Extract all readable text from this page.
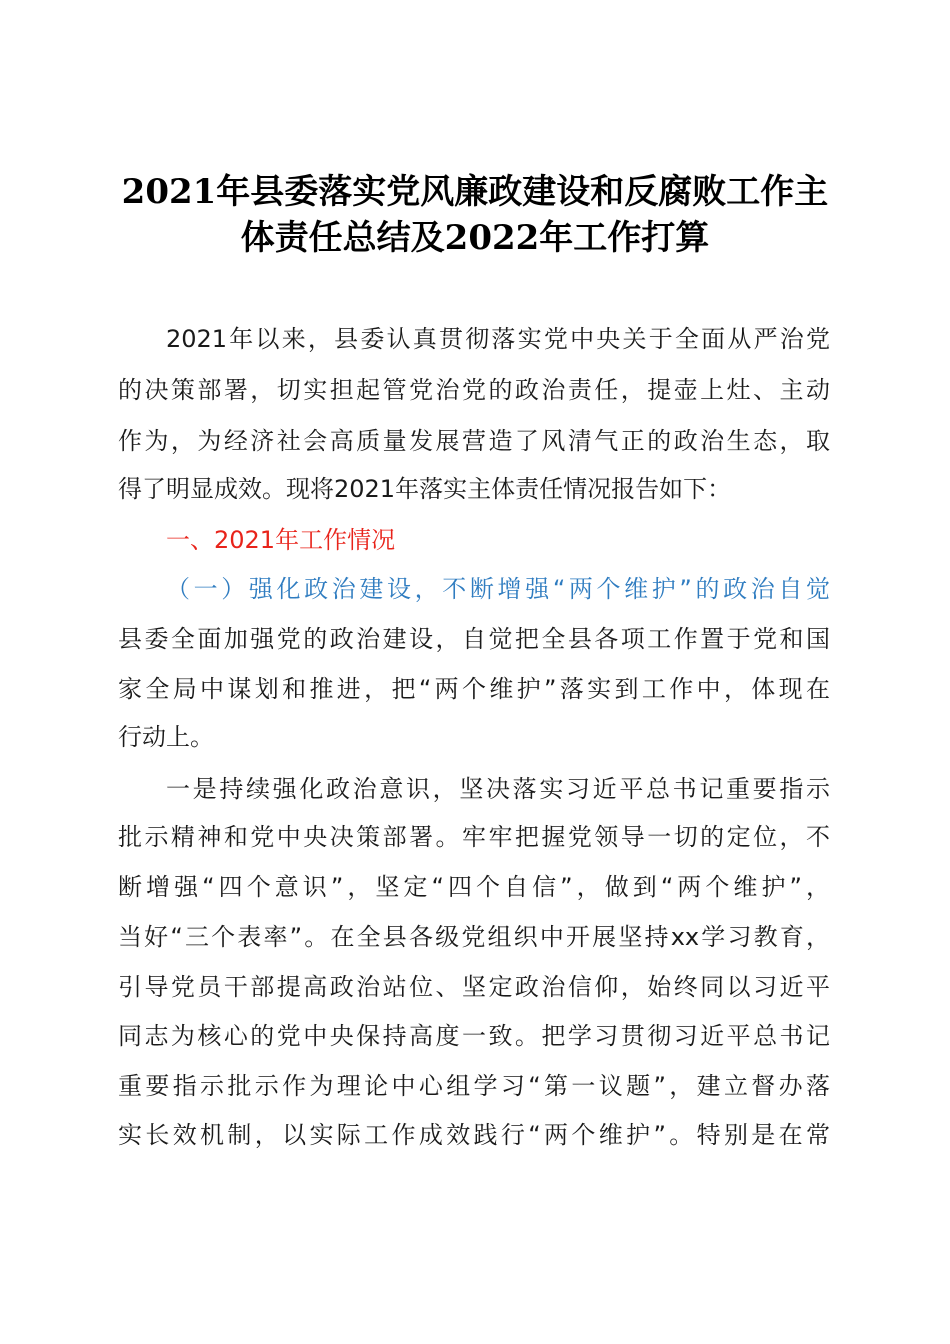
2021年县委落实党风廉政建设和反腐败工作主
体责任总结及2022年工作打算
2021年以来，县委认真贯彻落实党中央关于全面从严治党
的决策部署，切实担起管党治党的政治责任，提壶上灶、主动
作为，为经济社会高质量发展营造了风清气正的政治生态，取
得了明显成效。现将2021年落实主体责任情况报告如下：
一、2021年工作情况
（一）强化政治建设，不断增强“两个维护”的政治自觉
县委全面加强党的政治建设，自觉把全县各项工作置于党和国
家全局中谋划和推进，把“两个维护”落实到工作中，体现在
行动上。
一是持续强化政治意识，坚决落实习近平总书记重要指示
批示精神和党中央决策部署。牢牢把握党领导一切的定位，不
断增强“四个意识”，坚定“四个自信”，做到“两个维护”，
当好“三个表率”。在全县各级党组织中开展坚持xx学习教育，
引导党员干部提高政治站位、坚定政治信仰，始终同以习近平
同志为核心的党中央保持高度一致。把学习贯彻习近平总书记
重要指示批示作为理论中心组学习“第一议题”，建立督办落
实长效机制，以实际工作成效践行“两个维护”。特别是在常
